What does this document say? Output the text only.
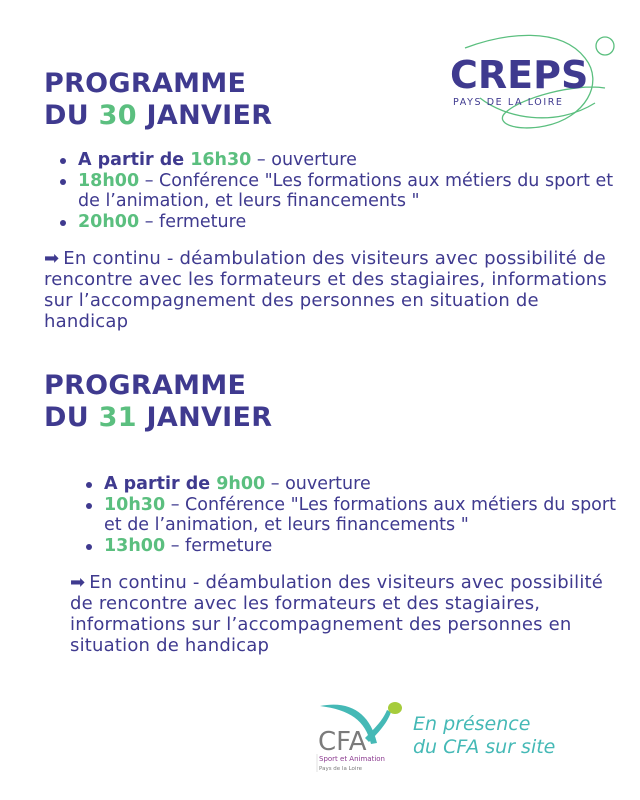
CREPS
PAYS DE LA LOIRE
PROGRAMME
DU 30 JANVIER
A partir de 16h30 – ouverture
18h00 – Conférence "Les formations aux métiers du sport et de l’animation, et leurs financements "
20h00 – fermeture

➡ En continu - déambulation des visiteurs avec possibilité de rencontre avec les formateurs et des stagiaires, informations sur l’accompagnement des personnes en situation de handicap

PROGRAMME
DU 31 JANVIER
A partir de 9h00 – ouverture
10h30 – Conférence "Les formations aux métiers du sport et de l’animation, et leurs financements "
13h00 – fermeture

➡ En continu - déambulation des visiteurs avec possibilité de rencontre avec les formateurs et des stagiaires, informations sur l’accompagnement des personnes en situation de handicap

CFA
Sport et Animation
Pays de la Loire
En présence
du CFA sur site
